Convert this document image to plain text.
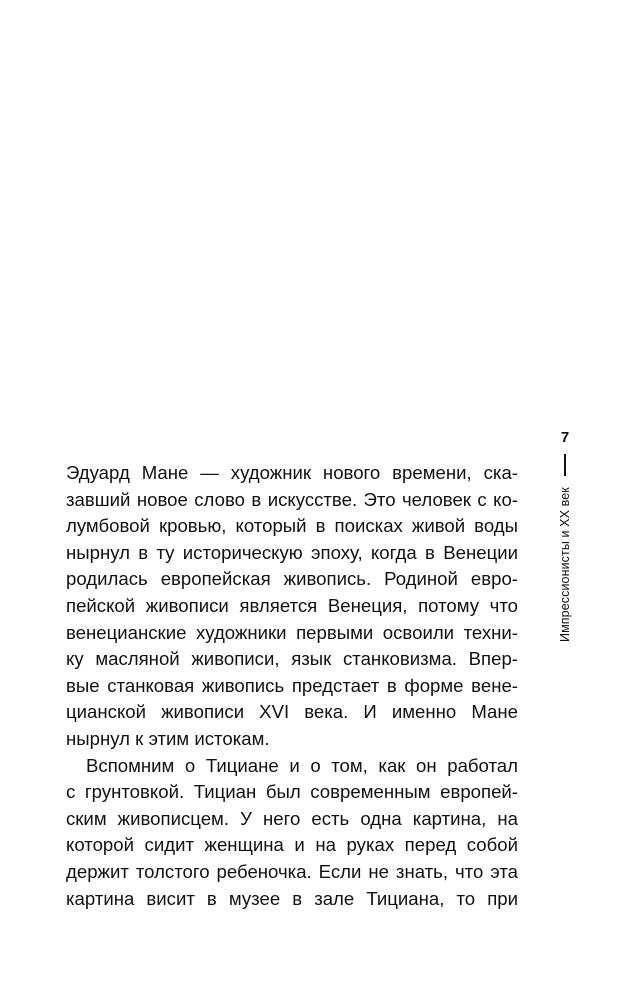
7
Импрессионисты и XX век
Эдуард Мане — художник нового времени, ска-
завший новое слово в искусстве. Это человек с ко-
лумбовой кровью, который в поисках живой воды
нырнул в ту историческую эпоху, когда в Венеции
родилась европейская живопись. Родиной евро-
пейской живописи является Венеция, потому что
венецианские художники первыми освоили техни-
ку масляной живописи, язык станковизма. Впер-
вые станковая живопись предстает в форме вене-
цианской живописи XVI века. И именно Мане
нырнул к этим истокам.
Вспомним о Тициане и о том, как он работал
с грунтовкой. Тициан был современным европей-
ским живописцем. У него есть одна картина, на
которой сидит женщина и на руках перед собой
держит толстого ребеночка. Если не знать, что эта
картина висит в музее в зале Тициана, то при
